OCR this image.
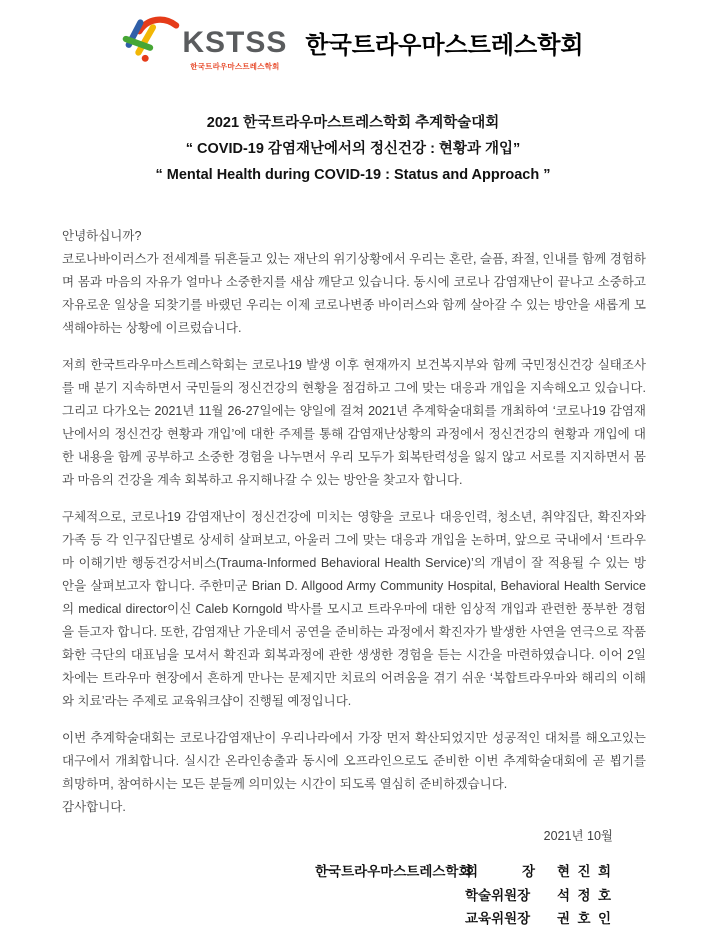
KSTSS
한국트라우마스트레스학회
한국트라우마스트레스학회
2021 한국트라우마스트레스학회 추계학술대회
“ COVID-19 감염재난에서의 정신건강 : 현황과 개입”
“ Mental Health during COVID-19 : Status and Approach ”

안녕하십니까?

코로나바이러스가 전세계를 뒤흔들고 있는 재난의 위기상황에서 우리는 혼란, 슬픔, 좌절, 인내를 함께 경험하며 몸과 마음의 자유가 얼마나 소중한지를 새삼 깨닫고 있습니다. 동시에 코로나 감염재난이 끝나고 소중하고 자유로운 일상을 되찾기를 바랬던 우리는 이제 코로나변종 바이러스와 함께 살아갈 수 있는 방안을 새롭게 모색해야하는 상황에 이르렀습니다.

저희 한국트라우마스트레스학회는 코로나19 발생 이후 현재까지 보건복지부와 함께 국민정신건강 실태조사를 매 분기 지속하면서 국민들의 정신건강의 현황을 점검하고 그에 맞는 대응과 개입을 지속해오고 있습니다. 그리고 다가오는 2021년 11월 26-27일에는 양일에 걸쳐 2021년 추계학술대회를 개최하여 ‘코로나19 감염재난에서의 정신건강 현황과 개입’에 대한 주제를 통해 감염재난상황의 과정에서 정신건강의 현황과 개입에 대한 내용을 함께 공부하고 소중한 경험을 나누면서 우리 모두가 회복탄력성을 잃지 않고 서로를 지지하면서 몸과 마음의 건강을 계속 회복하고 유지해나갈 수 있는 방안을 찾고자 합니다.

구체적으로, 코로나19 감염재난이 정신건강에 미치는 영향을 코로나 대응인력, 청소년, 취약집단, 확진자와 가족 등 각 인구집단별로 상세히 살펴보고, 아울러 그에 맞는 대응과 개입을 논하며, 앞으로 국내에서 ‘트라우마 이해기반 행동건강서비스(Trauma-Informed Behavioral Health Service)’의 개념이 잘 적용될 수 있는 방안을 살펴보고자 합니다. 주한미군 Brian D. Allgood Army Community Hospital, Behavioral Health Service의 medical director이신 Caleb Korngold 박사를 모시고 트라우마에 대한 임상적 개입과 관련한 풍부한 경험을 듣고자 합니다. 또한, 감염재난 가운데서 공연을 준비하는 과정에서 확진자가 발생한 사연을 연극으로 작품화한 극단의 대표님을 모셔서 확진과 회복과정에 관한 생생한 경험을 듣는 시간을 마련하였습니다. 이어 2일차에는 트라우마 현장에서 흔하게 만나는 문제지만 치료의 어려움을 겪기 쉬운 ‘복합트라우마와 해리의 이해와 치료’라는 주제로 교육워크샵이 진행될 예정입니다.

이번 추계학술대회는 코로나감염재난이 우리나라에서 가장 먼저 확산되었지만 성공적인 대처를 해오고있는 대구에서 개최합니다. 실시간 온라인송출과 동시에 오프라인으로도 준비한 이번 추계학술대회에 곧 뵙기를 희망하며, 참여하시는 모든 분들께 의미있는 시간이 되도록 열심히 준비하겠습니다.

감사합니다.

2021년 10월
한국트라우마스트레스학회
회 장 현 진 희
학술위원장	석 정 호
교육위원장	권 호 인
